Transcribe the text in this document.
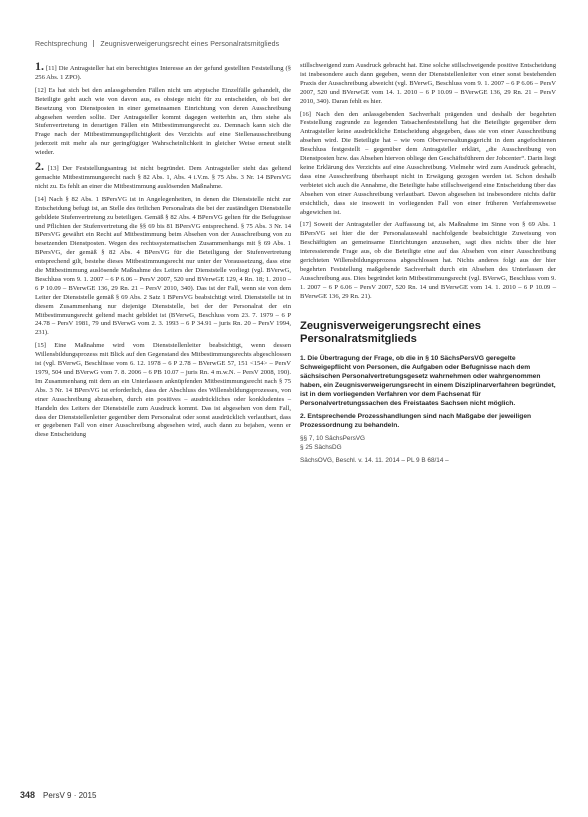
Rechtsprechung Zeugnisverweigerungsrecht eines Personalratsmitglieds

1. [11] Die Antragsteller hat ein berechtigtes Interesse an der gefund gestellten Feststellung (§ 256 Abs. 1 ZPO).

[12] Es hat sich bei den anlassgebenden Fällen nicht um atypische Einzelfälle gehandelt, die Beteiligte geht auch wie von davon aus, es obsiege nicht für zu entscheiden, ob bei der Besetzung von Dienstposten in einer gemeinsamen Einrichtung von deren Ausschreibung abgesehen werden sollte. Der Antragsteller kommt dagegen weiterhin an, ihm stehe als Stufenvertretung in derartigen Fällen ein Mitbestimmungsrecht zu. Demnach kann sich die Frage nach der Mitbestimmungspflichtigkeit des Verzichts auf eine Stellenausschreibung jederzeit mit mehr als nur geringfügiger Wahrscheinlichkeit in gleicher Weise erneut stellt wieder.

2. [13] Der Feststellungsantrag ist nicht begründet. Dem Antragsteller steht das geltend gemachte Mitbestimmungsrecht nach § 82 Abs. 1, Abs. 4 i.V.m. § 75 Abs. 3 Nr. 14 BPersVG nicht zu. Es fehlt an einer die Mitbestimmung auslösenden Maßnahme.

[14] Nach § 82 Abs. 1 BPersVG ist in Angelegenheiten, in denen die Dienststelle nicht zur Entscheidung befugt ist, an Stelle des örtlichen Personalrats die bei der zuständigen Dienststelle gebildete Stufenvertretung zu beteiligen. Gemäß § 82 Abs. 4 BPersVG gelten für die Befugnisse und Pflichten der Stufenvertretung die §§ 69 bis 81 BPersVG entsprechend. § 75 Abs. 3 Nr. 14 BPersVG gewährt ein Recht auf Mitbestimmung beim Absehen von der Ausschreibung von zu besetzenden Dienstposten. Wegen des rechtssystematischen Zusammenhangs mit § 69 Abs. 1 BPersVG, der gemäß § 82 Abs. 4 BPersVG für die Beteiligung der Stufenvertretung entsprechend gilt, bestehe dieses Mitbestimmungsrecht nur unter der Voraussetzung, dass eine die Mitbestimmung auslösende Maßnahme des Leiters der Dienststelle vorliegt (vgl. BVerwG, Beschluss vom 9. 1. 2007 – 6 P 6.06 – PersV 2007, 520 und BVerwGE 129, 4 Rn. 18; 1. 2010 – 6 P 10.09 – BVerwGE 136, 29 Rn. 21 – PersV 2010, 340). Das ist der Fall, wenn sie von dem Leiter der Dienststelle gemäß § 69 Abs. 2 Satz 1 BPersVG beabsichtigt wird. Dienststelle ist in diesem Zusammenhang nur diejenige Dienststelle, bei der der Personalrat der ein Mitbestimmungsrecht geltend macht gebildet ist (BVerwG, Beschluss vom 23. 7. 1979 – 6 P 24.78 – PersV 1981, 79 und BVerwG vom 2. 3. 1993 – 6 P 34.91 – juris Rn. 20 – PersV 1994, 231).

[15] Eine Maßnahme wird vom Dienststellenleiter beabsichtigt, wenn dessen Willensbildungsprozess mit Blick auf den Gegenstand des Mitbestimmungsrechts abgeschlossen ist (vgl. BVerwG, Beschlüsse vom 6. 12. 1978 – 6 P 2.78 – BVerwGE 57, 151 <154> – PersV 1979, 504 und BVerwG vom 7. 8. 2006 – 6 PB 10.07 – juris Rn. 4 m.w.N. – PersV 2008, 190). Im Zusammenhang mit dem an ein Unterlassen anknüpfenden Mitbestimmungsrecht nach § 75 Abs. 3 Nr. 14 BPersVG ist erforderlich, dass der Abschluss des Willensbildungsprozesses, von einer Ausschreibung abzusehen, durch ein positives – ausdrückliches oder konkludentes – Handeln des Leiters der Dienststelle zum Ausdruck kommt. Das ist abgesehen von dem Fall, dass der Dienststellenleiter gegenüber dem Personalrat oder sonst ausdrücklich verlautbart, dass er gegebenen Fall von einer Ausschreibung abgesehen wird, auch dann zu bejahen, wenn er diese Entscheidung

stillschweigend zum Ausdruck gebracht hat. Eine solche stillschweigende positive Entscheidung ist insbesondere auch dann gegeben, wenn der Dienststellenleiter von einer sonst bestehenden Praxis der Ausschreibung abweicht (vgl. BVerwG, Beschluss vom 9. 1. 2007 – 6 P 6.06 – PersV 2007, 520 und BVerwGE vom 14. 1. 2010 – 6 P 10.09 – BVerwGE 136, 29 Rn. 21 – PersV 2010, 340). Daran fehlt es hier.

[16] Nach den den anlassgebenden Sachverhalt prägenden und deshalb der begehrten Feststellung zugrunde zu legenden Tatsachenfeststellung hat die Beteiligte gegenüber dem Antragsteller keine ausdrückliche Entscheidung abgegeben, dass sie von einer Ausschreibung absehen wird. Die Beteiligte hat – wie vom Oberverwaltungsgericht in dem angefochtenen Beschluss festgestellt – gegenüber dem Antragsteller erklärt, „die Ausschreibung von Dienstposten bzw. das Absehen hiervon obliege den Geschäftsführern der Jobcenter“. Darin liegt keine Erklärung des Verzichts auf eine Ausschreibung. Vielmehr wird zum Ausdruck gebracht, dass eine Ausschreibung überhaupt nicht in Erwägung gezogen werden ist. Schon deshalb verbietet sich auch die Annahme, die Beteiligte habe stillschweigend eine Entscheidung über das Absehen von einer Ausschreibung verlautbart. Davon abgesehen ist insbesondere nichts dafür ersichtlich, dass sie insoweit in vorliegenden Fall von einer früheren Verfahrensweise abgewichen ist.

[17] Soweit der Antragsteller der Auffassung ist, als Maßnahme im Sinne von § 69 Abs. 1 BPersVG sei hier die der Personalauswahl nachfolgende beabsichtigte Zuweisung von Beschäftigten an gemeinsame Einrichtungen anzusehen, sagt dies nichts über die hier interessierende Frage aus, ob die Beteiligte eine auf das Absehen von einer Ausschreibung gerichteten Willensbildungsprozess abgeschlossen hat. Nichts anderes folgt aus der hier begehrten Feststellung maßgebende Sachverhalt durch ein Absehen des Unterlassen der Ausschreibung aus. Dies begründet kein Mitbestimmungsrecht (vgl. BVerwG, Beschluss vom 9. 1. 2007 – 6 P 6.06 – PersV 2007, 520 Rn. 14 und BVerwGE vom 14. 1. 2010 – 6 P 10.09 – BVerwGE 136, 29 Rn. 21).

Zeugnisverweigerungsrecht eines Personalratsmitglieds

1. Die Übertragung der Frage, ob die in § 10 SächsPersVG geregelte Schweigepflicht von Personen, die Aufgaben oder Befugnisse nach dem sächsischen Personalvertretungsgesetz wahrnehmen oder wahrgenommen haben, ein Zeugnisverweigerungsrecht in einem Disziplinarverfahren begründet, ist in dem vorliegenden Verfahren vor dem Fachsenat für Personalvertretungssachen des Freistaates Sachsen nicht möglich.

2. Entsprechende Prozesshandlungen sind nach Maßgabe der jeweiligen Prozessordnung zu behandeln.

§§ 7, 10 SächsPersVG

§ 25 SächsDG

SächsOVG, Beschl. v. 14. 11. 2014 – PL 9 B 68/14 –

348 PersV 9 · 2015
